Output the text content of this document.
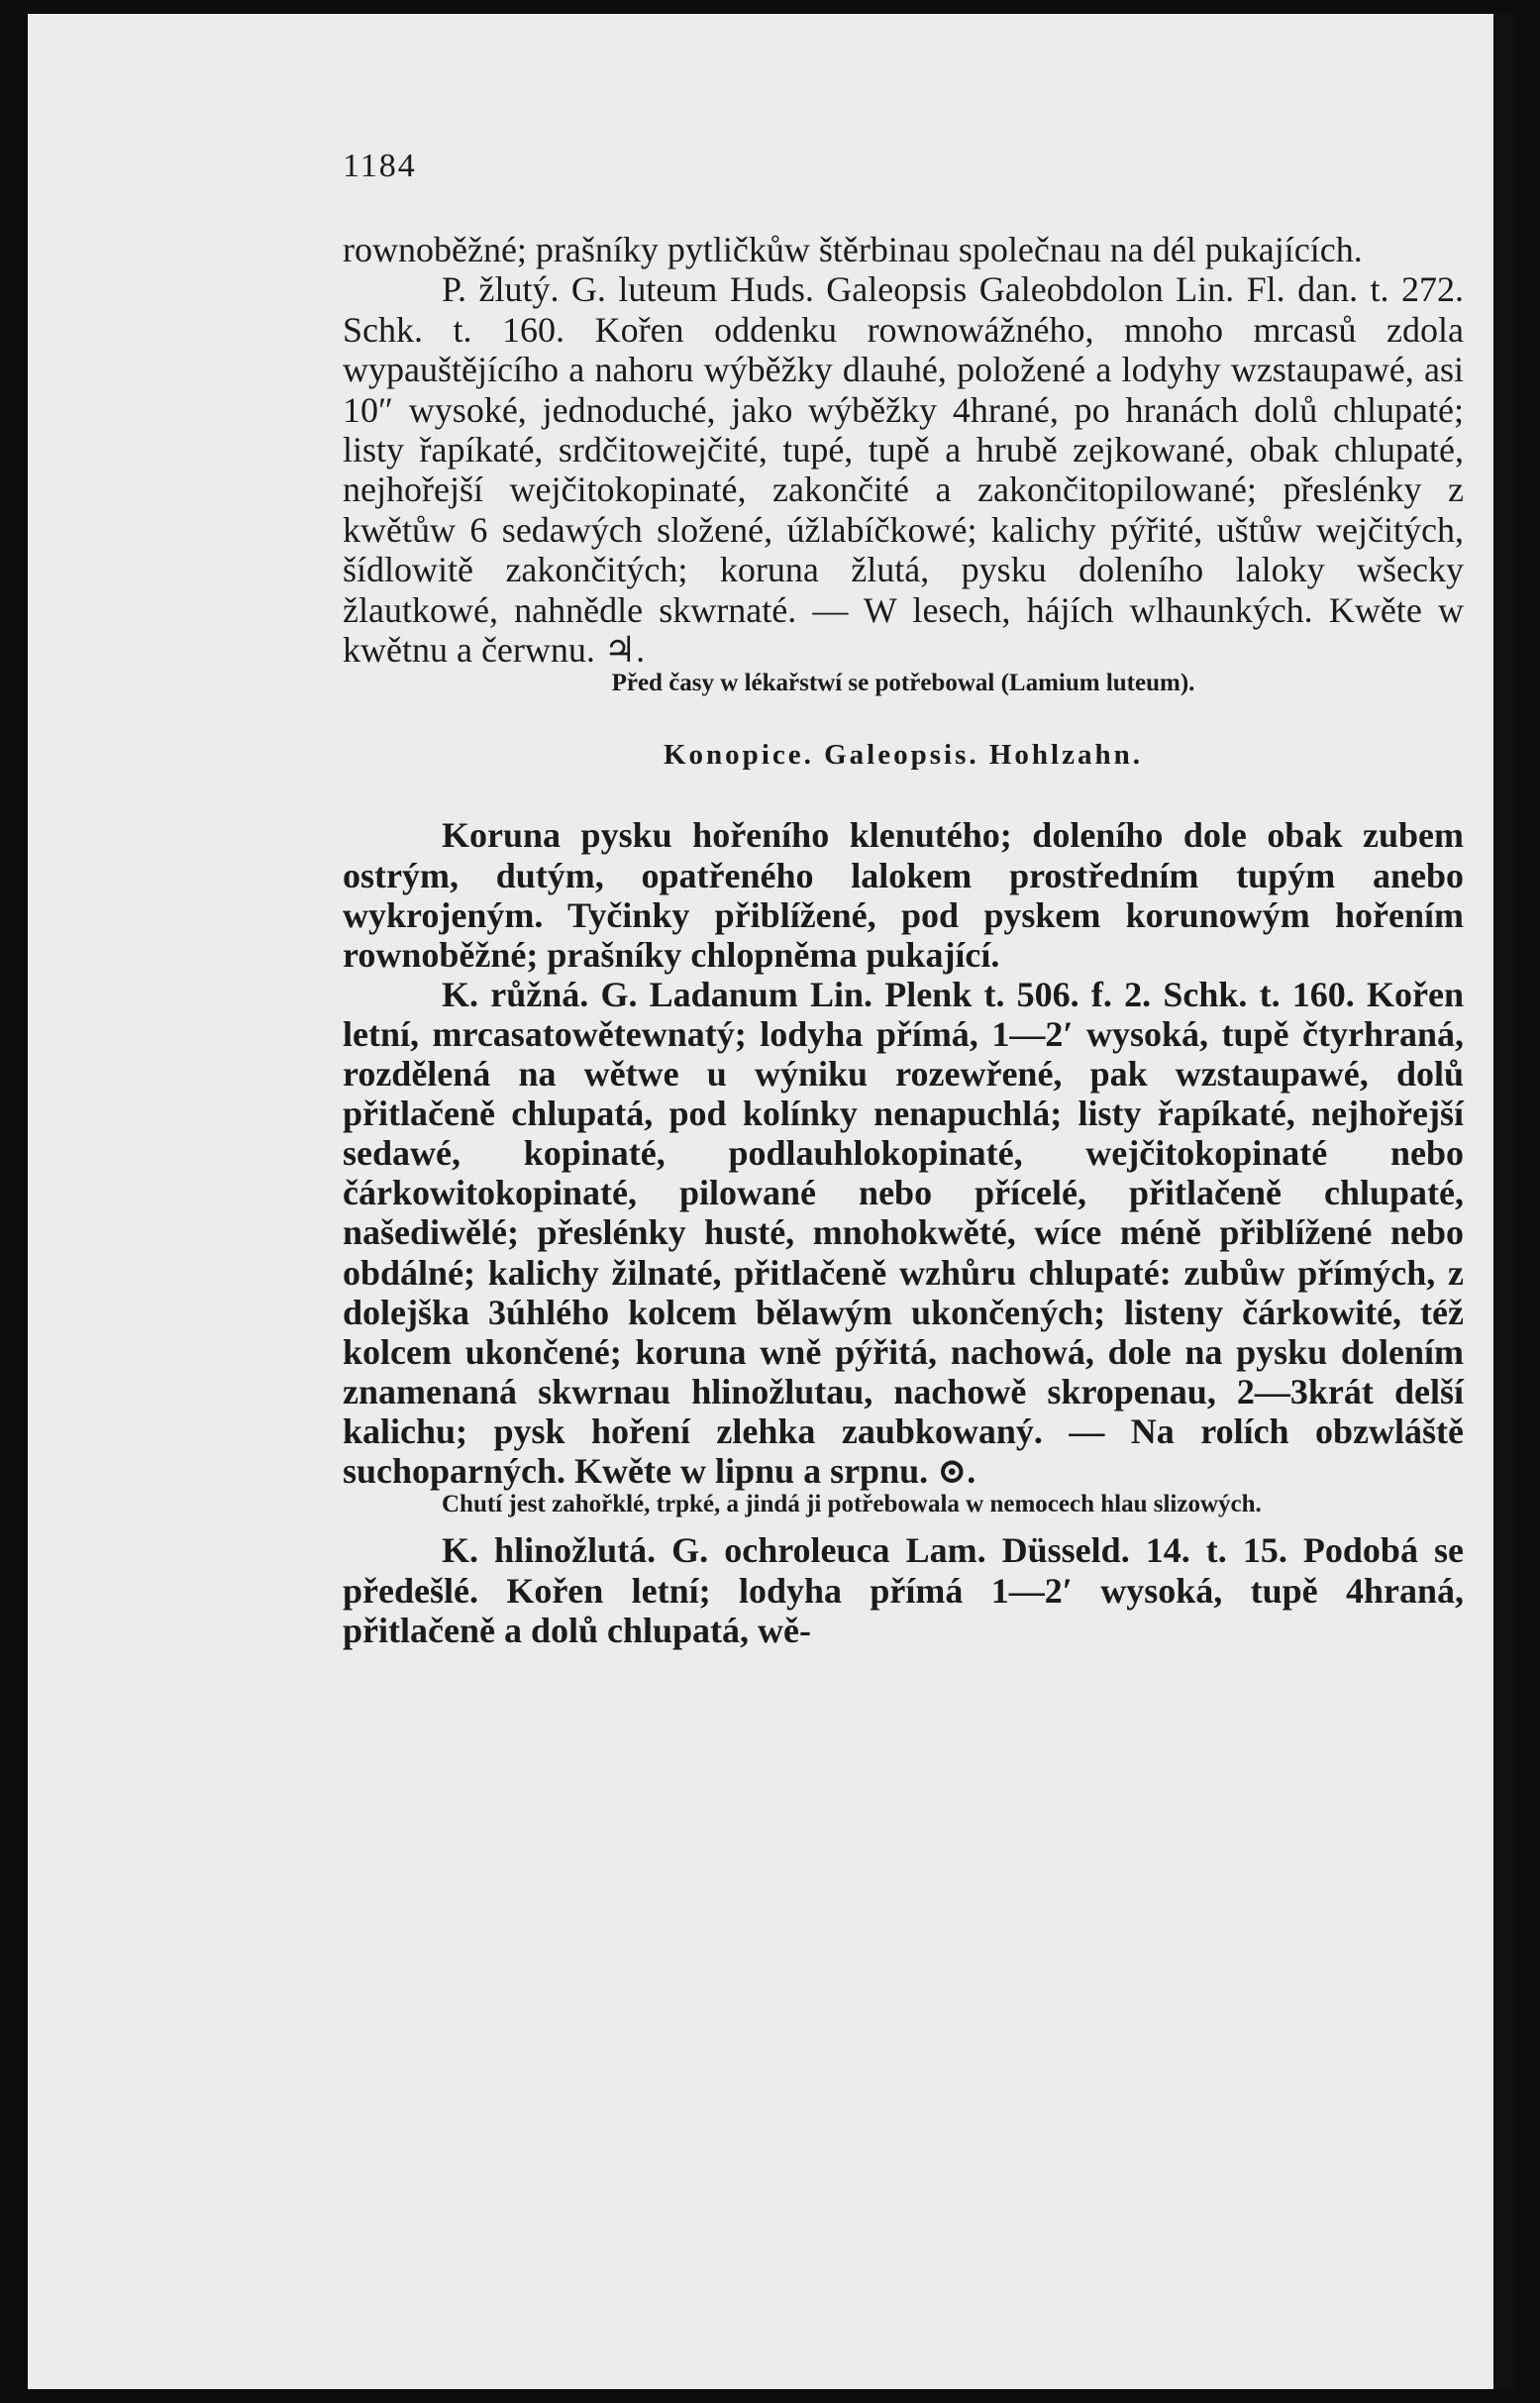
1184

rownoběžné; prašníky pytličkůw štěrbinau společnau na dél pukajících.

P. žlutý. G. luteum Huds. Galeopsis Galeobdolon Lin. Fl. dan. t. 272. Schk. t. 160. Kořen oddenku rownowážného, mnoho mrcasů zdola wypauštějícího a nahoru wýběžky dlauhé, položené a lodyhy wzstaupawé, asi 10″ wysoké, jednoduché, jako wýběžky 4hrané, po hranách dolů chlupaté; listy řapíkaté, srdčitowejčité, tupé, tupě a hrubě zejkowané, obak chlupaté, nejhořejší wejčitokopinaté, zakončité a zakončitopilowané; přeslénky z kwětůw 6 sedawých složené, úžlabíčkowé; kalichy pýřité, uštůw wejčitých, šídlowitě zakončitých; koruna žlutá, pysku doleního laloky wšecky žlautkowé, nahnědle skwrnaté. — W lesech, hájích wlhaunkých. Kwěte w kwětnu a čerwnu. ♃.

Před časy w lékařstwí se potřebowal (Lamium luteum).

Konopice. Galeopsis. Hohlzahn.

Koruna pysku hořeního klenutého; doleního dole obak zubem ostrým, dutým, opatřeného lalokem prostředním tupým anebo wykrojeným. Tyčinky přiblížené, pod pyskem korunowým hořením rownoběžné; prašníky chlopněma pukající.

K. růžná. G. Ladanum Lin. Plenk t. 506. f. 2. Schk. t. 160. Kořen letní, mrcasatowětewnatý; lodyha přímá, 1—2′ wysoká, tupě čtyrhraná, rozdělená na wětwe u wýniku rozewřené, pak wzstaupawé, dolů přitlačeně chlupatá, pod kolínky nenapuchlá; listy řapíkaté, nejhořejší sedawé, kopinaté, podlauhlokopinaté, wejčitokopinaté nebo čárkowitokopinaté, pilowané nebo přícelé, přitlačeně chlupaté, našediwělé; přeslénky husté, mnohokwěté, wíce méně přiblížené nebo obdálné; kalichy žilnaté, přitlačeně wzhůru chlupaté: zubůw přímých, z dolejška 3úhlého kolcem bělawým ukončených; listeny čárkowité, též kolcem ukončené; koruna wně pýřitá, nachowá, dole na pysku dolením znamenaná skwrnau hlinožlutau, nachowě skropenau, 2—3krát delší kalichu; pysk hoření zlehka zaubkowaný. — Na rolích obzwláště suchoparných. Kwěte w lipnu a srpnu. ⊙.

Chutí jest zahořklé, trpké, a jindá ji potřebowala w nemocech hlau slizowých.

K. hlinožlutá. G. ochroleuca Lam. Düsseld. 14. t. 15. Podobá se předešlé. Kořen letní; lodyha přímá 1—2′ wysoká, tupě 4hraná, přitlačeně a dolů chlupatá, wě-
